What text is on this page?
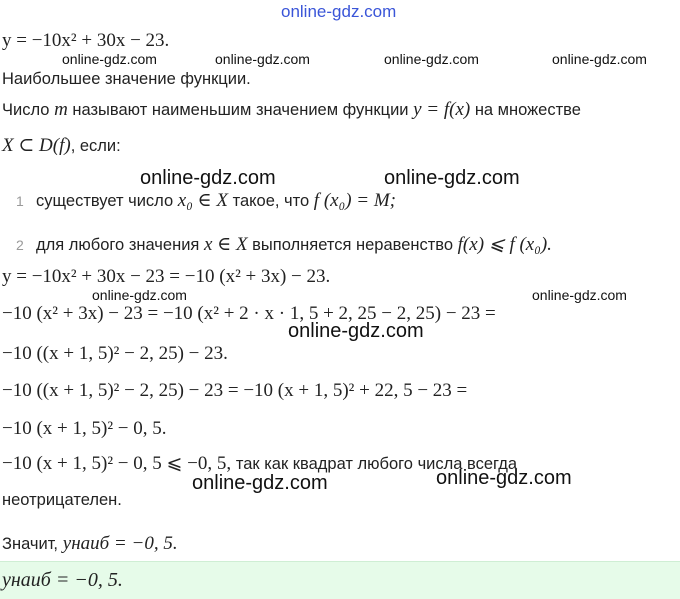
online-gdz.com
online-gdz.com	online-gdz.com	online-gdz.com	online-gdz.com
online-gdz.com	online-gdz.com
online-gdz.com	online-gdz.com
online-gdz.com
online-gdz.com	online-gdz.com
y = −10x² + 30x − 23.
Наибольшее значение функции.
Число m называют наименьшим значением функции y = f(x) на множестве
X ⊂ D(f), если:
1 существует число x₀ ∈ X такое, что f (x₀) = M;
2 для любого значения x ∈ X выполняется неравенство f(x) ⩽ f (x₀).
y = −10x² + 30x − 23 = −10 (x² + 3x) − 23.
−10 (x² + 3x) − 23 = −10 (x² + 2 · x · 1, 5 + 2, 25 − 2, 25) − 23 =
−10 ((x + 1, 5)² − 2, 25) − 23.
−10 ((x + 1, 5)² − 2, 25) − 23 = −10 (x + 1, 5)² + 22, 5 − 23 =
−10 (x + 1, 5)² − 0, 5.
−10 (x + 1, 5)² − 0, 5 ⩽ −0, 5, так как квадрат любого числа всегда
неотрицателен.
Значит, yнаиб = −0, 5.
yнаиб = −0, 5.
